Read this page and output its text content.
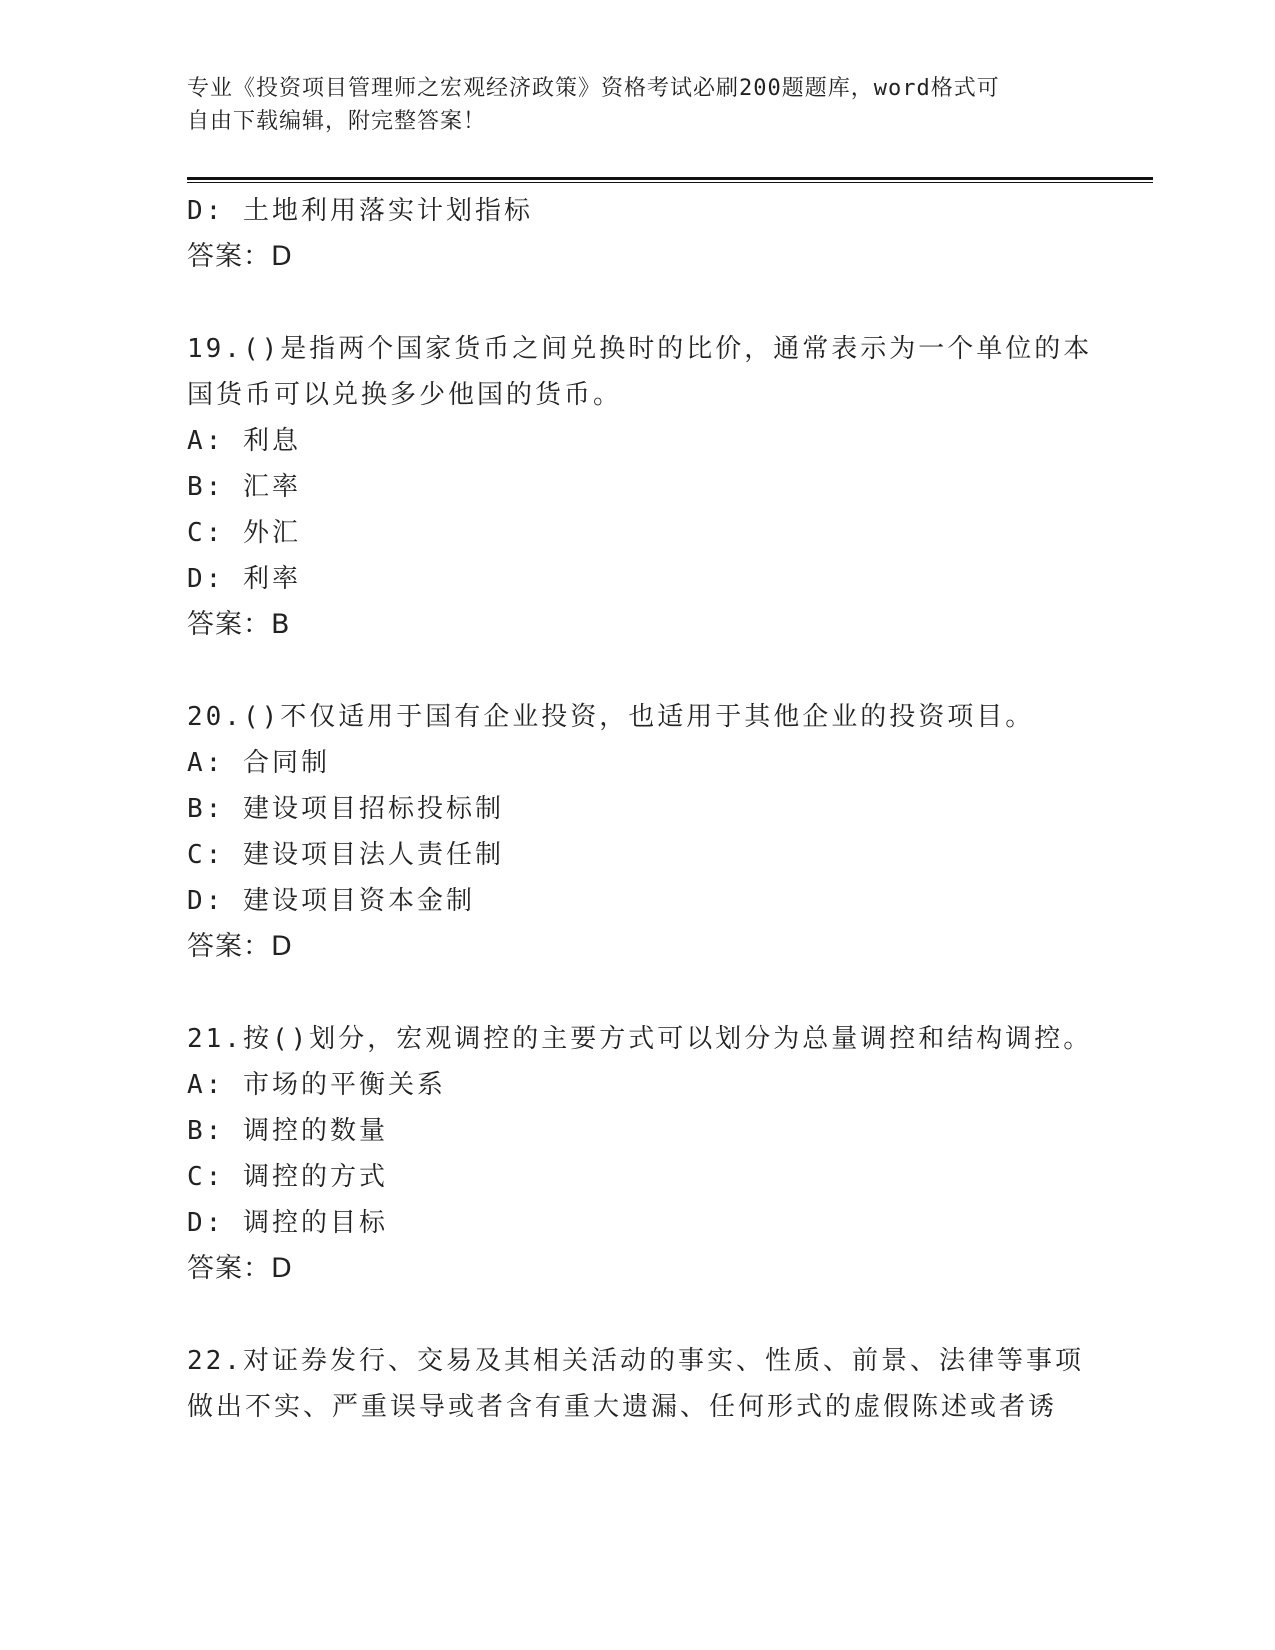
专业《投资项目管理师之宏观经济政策》资格考试必刷200题题库，word格式可
自由下载编辑，附完整答案！
D: 土地利用落实计划指标
答案：D
19.()是指两个国家货币之间兑换时的比价，通常表示为一个单位的本
国货币可以兑换多少他国的货币。
A: 利息
B: 汇率
C: 外汇
D: 利率
答案：B
20.()不仅适用于国有企业投资，也适用于其他企业的投资项目。
A: 合同制
B: 建设项目招标投标制
C: 建设项目法人责任制
D: 建设项目资本金制
答案：D
21.按()划分，宏观调控的主要方式可以划分为总量调控和结构调控。
A: 市场的平衡关系
B: 调控的数量
C: 调控的方式
D: 调控的目标
答案：D
22.对证券发行、交易及其相关活动的事实、性质、前景、法律等事项
做出不实、严重误导或者含有重大遗漏、任何形式的虚假陈述或者诱
